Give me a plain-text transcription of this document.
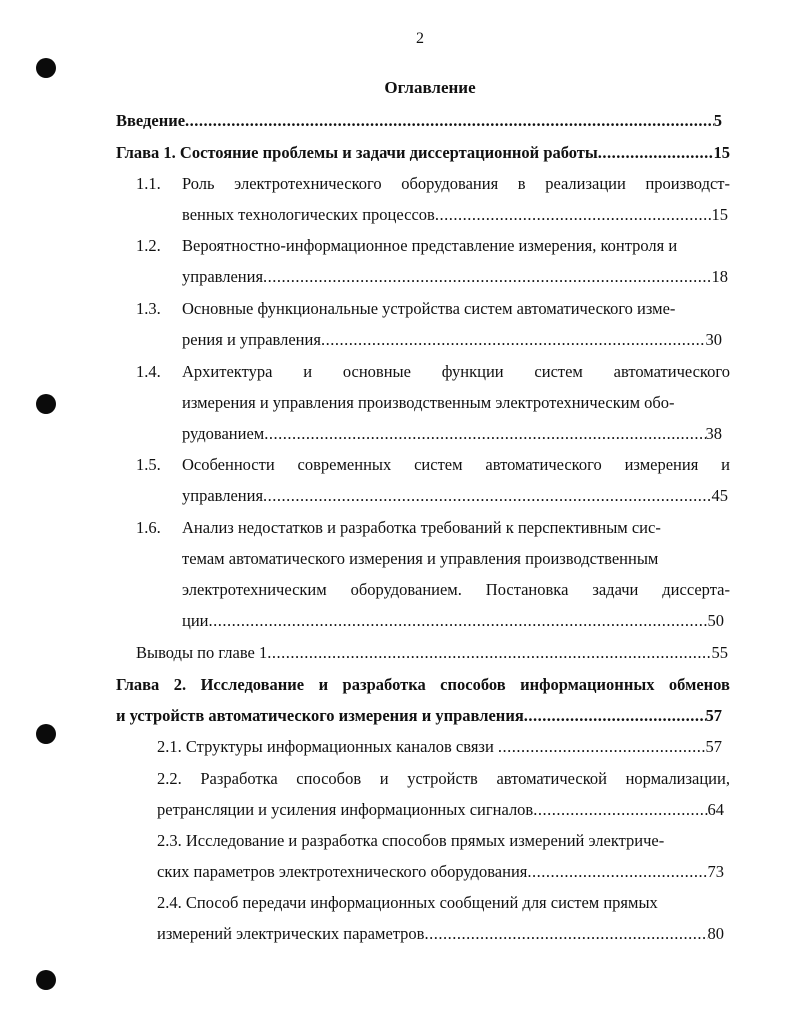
2
Оглавление
Введение .....	5
Глава 1. Состояние проблемы и задачи диссертационной работы .....	15
1.1. Роль электротехнического оборудования в реализации производст-
венных технологических процессов .....	15
1.2. Вероятностно-информационное представление измерения, контроля и
управления .....	18
1.3. Основные функциональные устройства систем автоматического изме-
рения и управления .....	30
1.4. Архитектура и основные функции систем автоматического
измерения и управления производственным электротехническим обо-
рудованием .....	38
1.5. Особенности современных систем автоматического измерения и
управления .....	45
1.6. Анализ недостатков и разработка требований к перспективным сис-
темам автоматического измерения и управления производственным
электротехническим оборудованием. Постановка задачи диссерта-
ции .....	50
Выводы по главе 1 .....	55
Глава 2. Исследование и разработка способов информационных обменов
и устройств автоматического измерения и управления .....	57
2.1. Структуры информационных каналов связи .....	57
2.2. Разработка способов и устройств автоматической нормализации,
ретрансляции и усиления информационных сигналов .....	64
2.3. Исследование и разработка способов прямых измерений электриче-
ских параметров электротехнического оборудования .....	73
2.4. Способ передачи информационных сообщений для систем прямых
измерений электрических параметров .....	80
